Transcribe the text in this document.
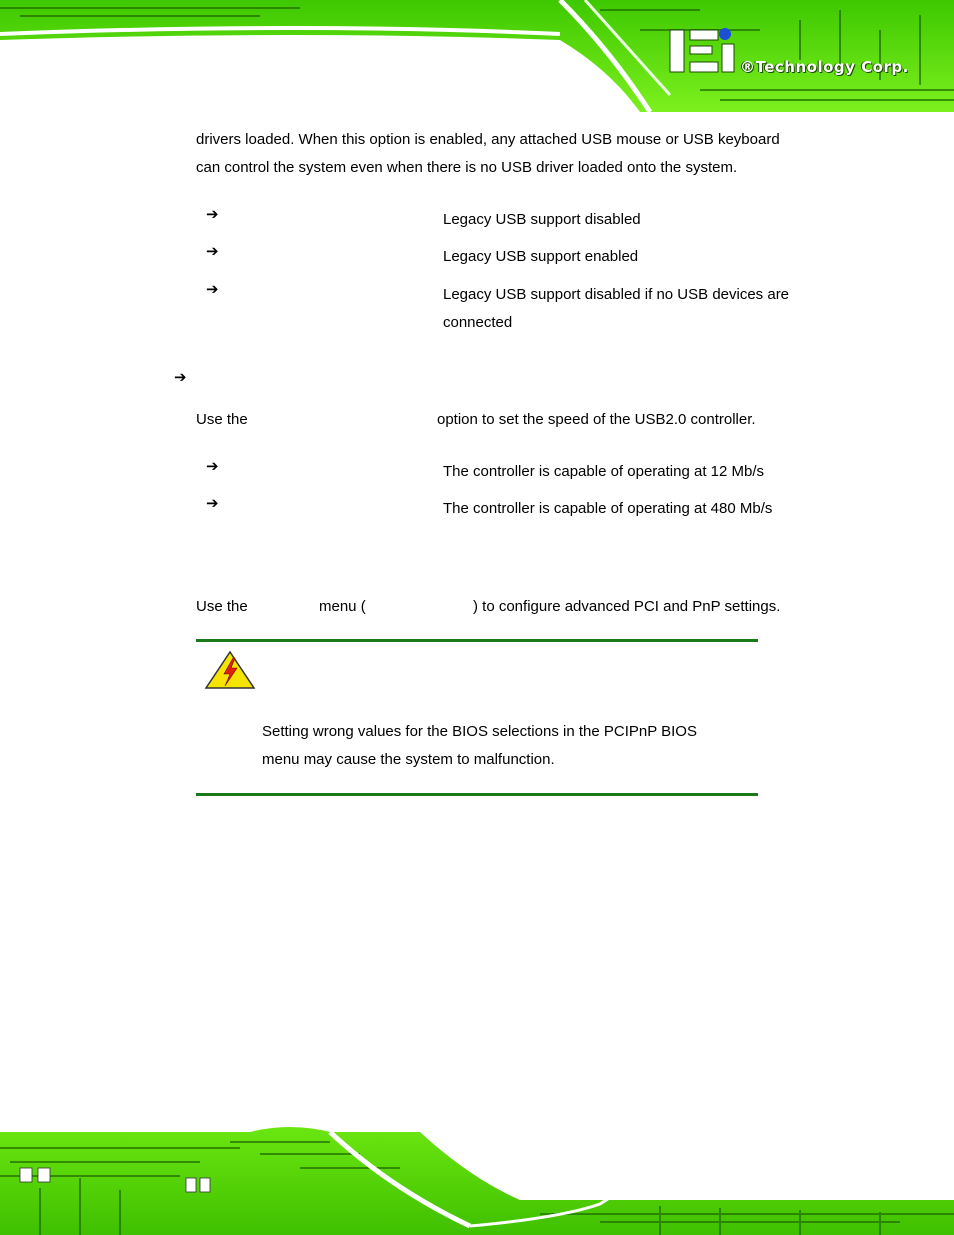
®Technology Corp.

drivers loaded. When this option is enabled, any attached USB mouse or USB keyboard

can control the system even when there is no USB driver loaded onto the system.

➔	Legacy USB support disabled
➔	Legacy USB support enabled
➔	Legacy USB support disabled if no USB devices are
connected
➔
Use the	option to set the speed of the USB2.0 controller.
➔	The controller is capable of operating at 12 Mb/s
➔	The controller is capable of operating at 480 Mb/s
Use the	menu (	) to configure advanced PCI and PnP settings.

Setting wrong values for the BIOS selections in the PCIPnP BIOS

menu may cause the system to malfunction.
